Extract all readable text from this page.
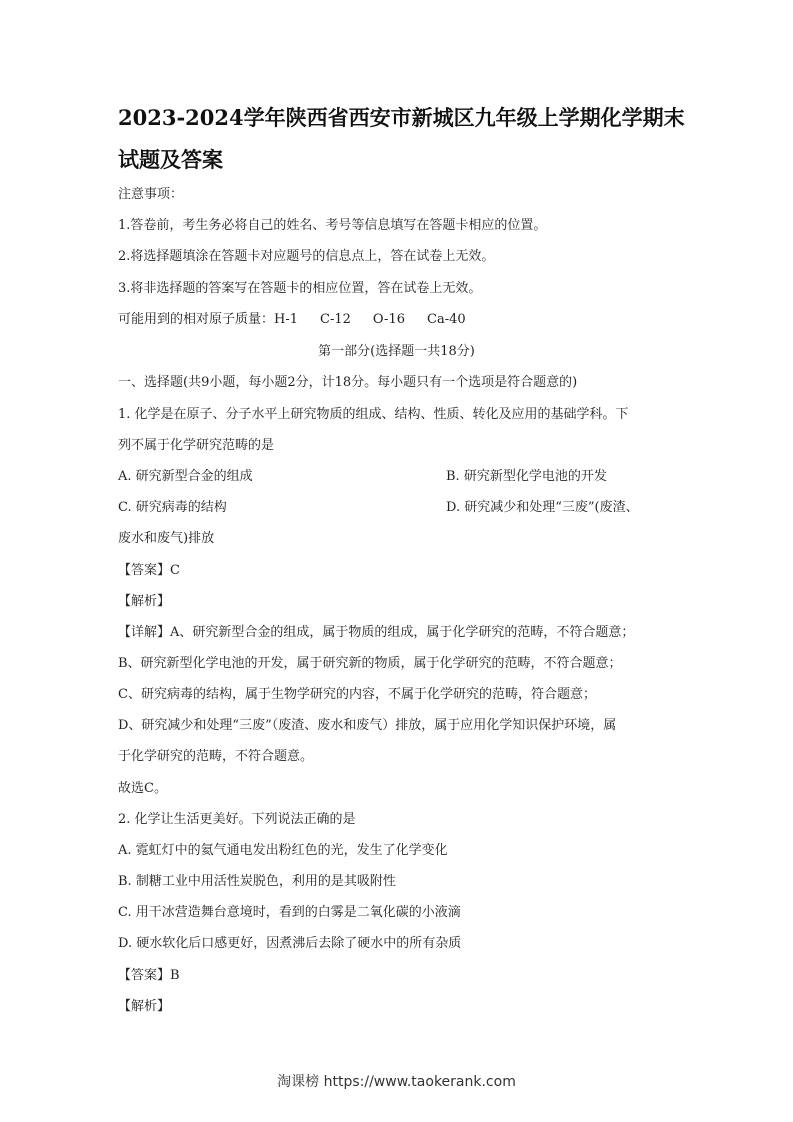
2023-2024学年陕西省西安市新城区九年级上学期化学期末
试题及答案
注意事项：
1.答卷前，考生务必将自己的姓名、考号等信息填写在答题卡相应的位置。
2.将选择题填涂在答题卡对应题号的信息点上，答在试卷上无效。
3.将非选择题的答案写在答题卡的相应位置，答在试卷上无效。
可能用到的相对原子质量：H-1 C-12 O-16 Ca-40
第一部分(选择题一共18分)
一、选择题(共9小题，每小题2分，计18分。每小题只有一个选项是符合题意的)
1. 化学是在原子、分子水平上研究物质的组成、结构、性质、转化及应用的基础学科。下
列不属于化学研究范畴的是
A. 研究新型合金的组成	B. 研究新型化学电池的开发
C. 研究病毒的结构	D. 研究减少和处理“三废”(废渣、
废水和废气)排放
【答案】C
【解析】
【详解】A、研究新型合金的组成，属于物质的组成，属于化学研究的范畴，不符合题意；
B、研究新型化学电池的开发，属于研究新的物质，属于化学研究的范畴，不符合题意；
C、研究病毒的结构，属于生物学研究的内容，不属于化学研究的范畴，符合题意；
D、研究减少和处理“三废”（废渣、废水和废气）排放，属于应用化学知识保护环境，属
于化学研究的范畴，不符合题意。
故选C。
2. 化学让生活更美好。下列说法正确的是
A. 霓虹灯中的氦气通电发出粉红色的光，发生了化学变化
B. 制糖工业中用活性炭脱色，利用的是其吸附性
C. 用干冰营造舞台意境时，看到的白雾是二氧化碳的小液滴
D. 硬水软化后口感更好，因煮沸后去除了硬水中的所有杂质
【答案】B
【解析】
淘课榜 https://www.taokerank.com
